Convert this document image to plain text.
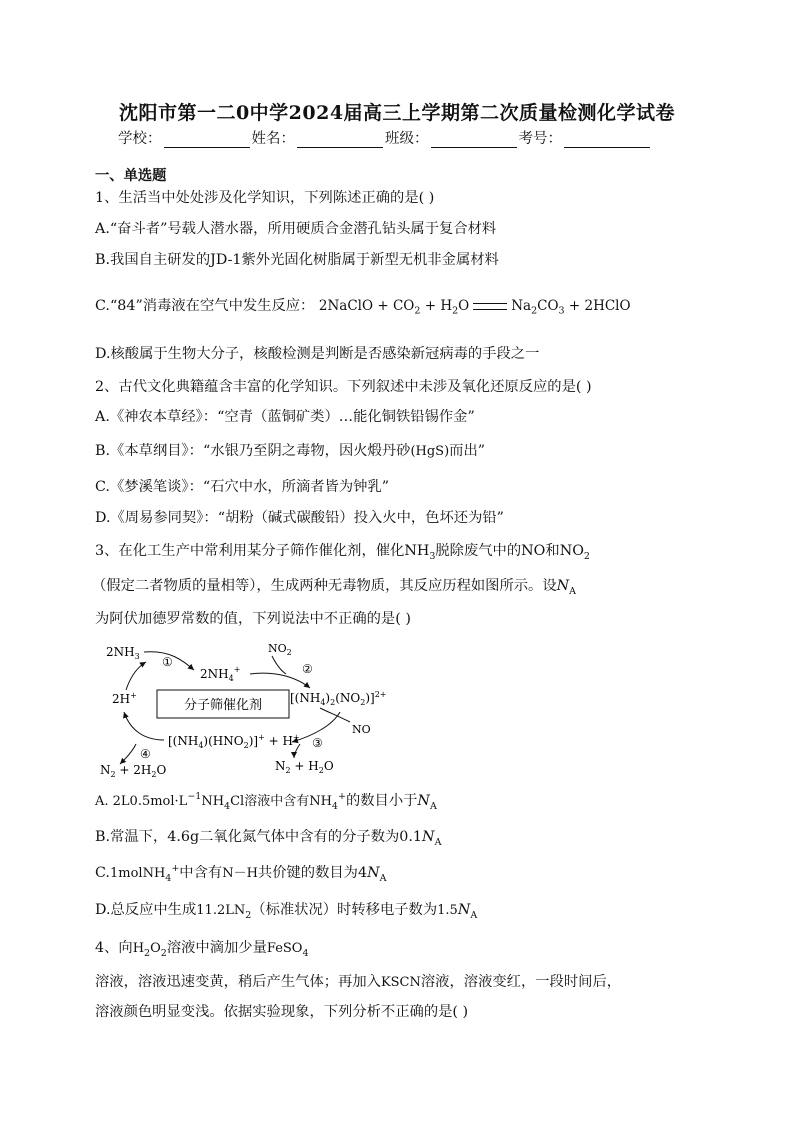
沈阳市第一二0中学2024届高三上学期第二次质量检测化学试卷
学校：	姓名：	班级：	考号：
一、单选题
1、生活当中处处涉及化学知识，下列陈述正确的是( )
A.“奋斗者”号载人潜水器，所用硬质合金潜孔钻头属于复合材料
B.我国自主研发的JD-1紫外光固化树脂属于新型无机非金属材料
C.“84”消毒液在空气中发生反应： 2NaClO + $CO_2 + H_2O$	$Na_2CO_3$ + 2HClO
D.核酸属于生物大分子，核酸检测是判断是否感染新冠病毒的手段之一
2、古代文化典籍蕴含丰富的化学知识。下列叙述中未涉及氧化还原反应的是( )
A.《神农本草经》：“空青（蓝铜矿类）…能化铜铁铅锡作金”
B.《本草纲目》：“水银乃至阴之毒物，因火煅丹砂(HgS)而出”
C.《梦溪笔谈》：“石穴中水，所滴者皆为钟乳”
D.《周易参同契》：“胡粉（碱式碳酸铅）投入火中，色坏还为铅”
3、在化工生产中常利用某分子筛作催化剂，催化$NH_3$脱除废气中的NO和$NO_2$
（假定二者物质的量相等），生成两种无毒物质，其反应历程如图所示。设$N_A$
为阿伏加德罗常数的值，下列说法中不正确的是( )
$2NH_3$ ①
$2NH_4^+$
$NO_2$
②
$[(NH_4)_2(NO_2)]^{2+}$
2H+
分子筛催化剂
NO
③
$[(NH_4)(HNO_2)]^+ + H^+$
$N_2 + H_2O$
④
$N_2 + 2H_2O$
A. $2L0.5mol\cdot L^{-1}NH_4Cl$溶液中含有$NH_4^+$的数目小于$N_A$
B.常温下，4.6g二氧化氮气体中含有的分子数为$0.1N_A$
C.1molNH$_4$+中含有N－H共价键的数目为$4N_A$
D.总反应中生成$11.2LN_2$（标准状况）时转移电子数为$1.5N_A$
4、向$H_2O_2$溶液中滴加少量FeSO$_4$
溶液，溶液迅速变黄，稍后产生气体；再加入KSCN溶液，溶液变红，一段时间后，
溶液颜色明显变浅。依据实验现象，下列分析不正确的是( )
